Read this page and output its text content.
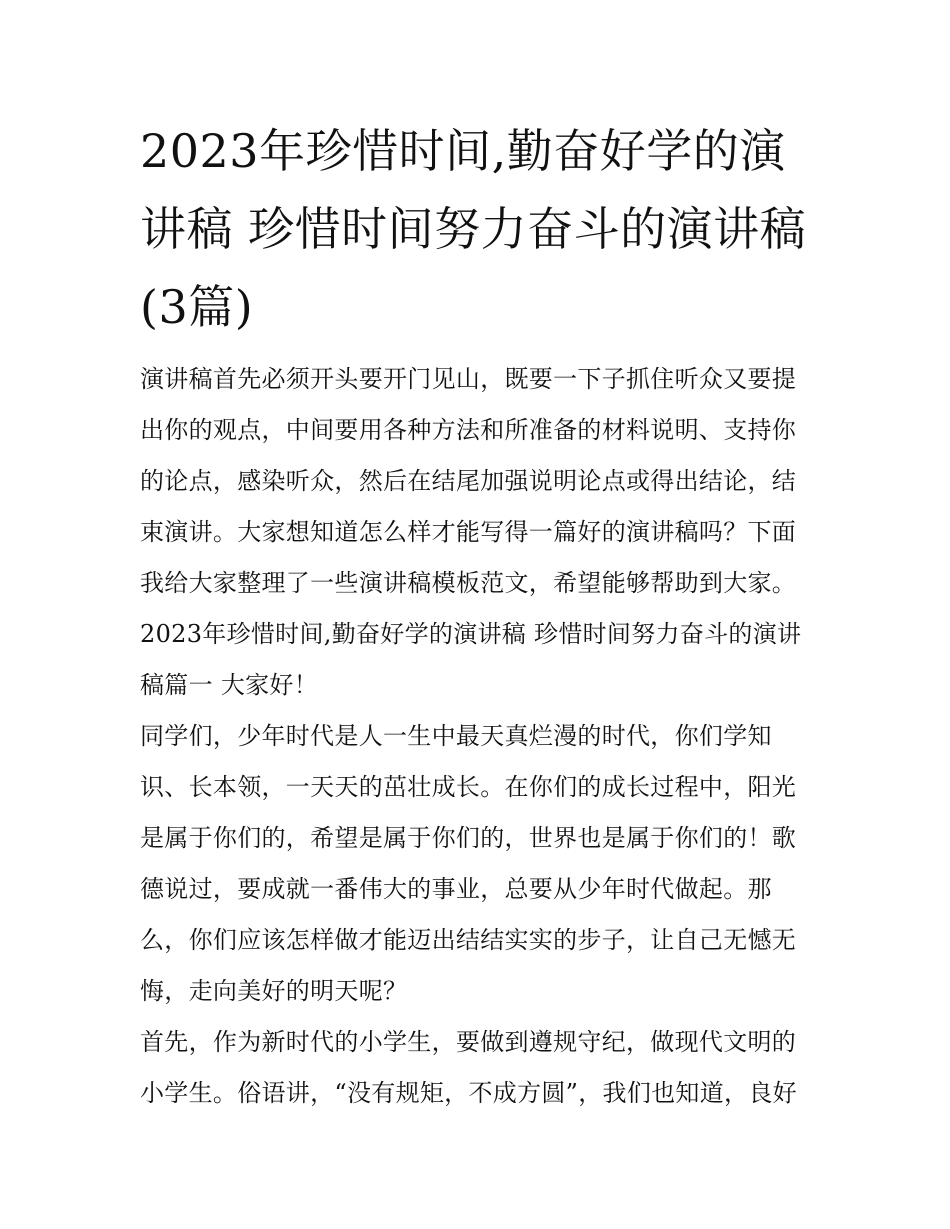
2023年珍惜时间,勤奋好学的演讲稿 珍惜时间努力奋斗的演讲稿(3篇)

演讲稿首先必须开头要开门见山，既要一下子抓住听众又要提出你的观点，中间要用各种方法和所准备的材料说明、支持你的论点，感染听众，然后在结尾加强说明论点或得出结论，结束演讲。大家想知道怎么样才能写得一篇好的演讲稿吗？下面我给大家整理了一些演讲稿模板范文，希望能够帮助到大家。

2023年珍惜时间,勤奋好学的演讲稿 珍惜时间努力奋斗的演讲稿篇一 大家好！

同学们，少年时代是人一生中最天真烂漫的时代，你们学知识、长本领，一天天的茁壮成长。在你们的成长过程中，阳光是属于你们的，希望是属于你们的，世界也是属于你们的！歌德说过，要成就一番伟大的事业，总要从少年时代做起。那么，你们应该怎样做才能迈出结结实实的步子，让自己无憾无悔，走向美好的明天呢？

首先，作为新时代的小学生，要做到遵规守纪，做现代文明的小学生。俗语讲，“没有规矩，不成方圆”，我们也知道，良好
